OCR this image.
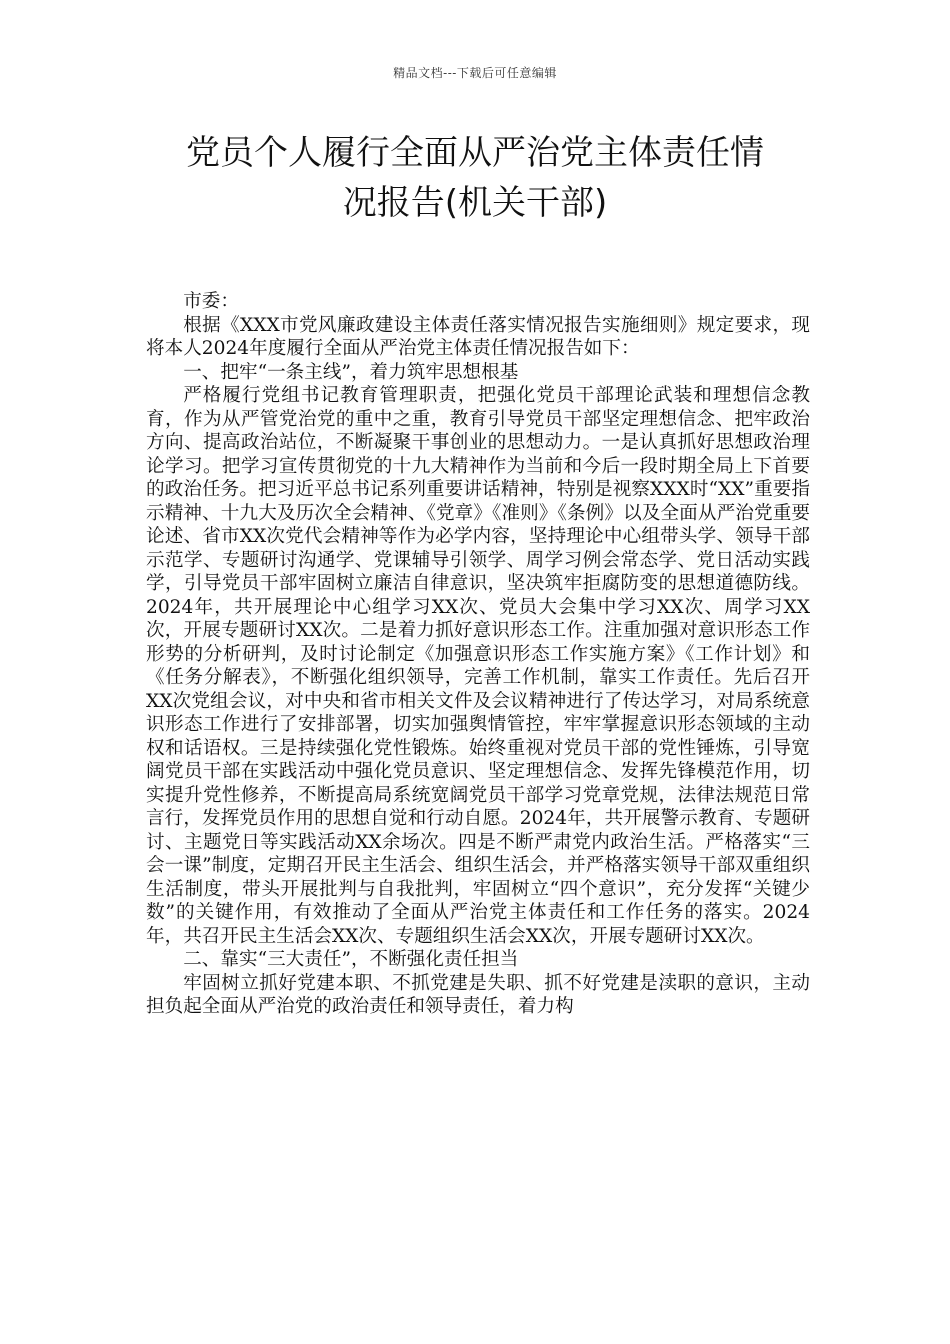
精品文档---下载后可任意编辑
党员个人履行全面从严治党主体责任情
况报告(机关干部)

市委：

根据《XXX市党风廉政建设主体责任落实情况报告实施细则》规定要求，现将本人2024年度履行全面从严治党主体责任情况报告如下：

一、把牢“一条主线”，着力筑牢思想根基

严格履行党组书记教育管理职责，把强化党员干部理论武装和理想信念教育，作为从严管党治党的重中之重，教育引导党员干部坚定理想信念、把牢政治方向、提高政治站位，不断凝聚干事创业的思想动力。一是认真抓好思想政治理论学习。把学习宣传贯彻党的十九大精神作为当前和今后一段时期全局上下首要的政治任务。把习近平总书记系列重要讲话精神，特别是视察XXX时“XX”重要指示精神、十九大及历次全会精神、《党章》《准则》《条例》以及全面从严治党重要论述、省市XX次党代会精神等作为必学内容，坚持理论中心组带头学、领导干部示范学、专题研讨沟通学、党课辅导引领学、周学习例会常态学、党日活动实践学，引导党员干部牢固树立廉洁自律意识，坚决筑牢拒腐防变的思想道德防线。2024年，共开展理论中心组学习XX次、党员大会集中学习XX次、周学习XX次，开展专题研讨XX次。二是着力抓好意识形态工作。注重加强对意识形态工作形势的分析研判，及时讨论制定《加强意识形态工作实施方案》《工作计划》和《任务分解表》，不断强化组织领导，完善工作机制，靠实工作责任。先后召开XX次党组会议，对中央和省市相关文件及会议精神进行了传达学习，对局系统意识形态工作进行了安排部署，切实加强舆情管控，牢牢掌握意识形态领域的主动权和话语权。三是持续强化党性锻炼。始终重视对党员干部的党性锤炼，引导宽阔党员干部在实践活动中强化党员意识、坚定理想信念、发挥先锋模范作用，切实提升党性修养，不断提高局系统宽阔党员干部学习党章党规，法律法规范日常言行，发挥党员作用的思想自觉和行动自愿。2024年，共开展警示教育、专题研讨、主题党日等实践活动XX余场次。四是不断严肃党内政治生活。严格落实“三会一课”制度，定期召开民主生活会、组织生活会，并严格落实领导干部双重组织生活制度，带头开展批判与自我批判，牢固树立“四个意识”，充分发挥“关键少数”的关键作用，有效推动了全面从严治党主体责任和工作任务的落实。2024年，共召开民主生活会XX次、专题组织生活会XX次，开展专题研讨XX次。

二、靠实“三大责任”，不断强化责任担当

牢固树立抓好党建本职、不抓党建是失职、抓不好党建是渎职的意识，主动担负起全面从严治党的政治责任和领导责任，着力构
